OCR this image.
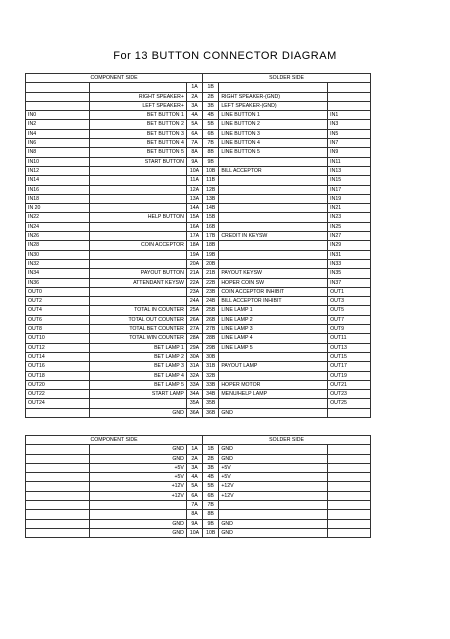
For 13 BUTTON CONNECTOR DIAGRAM
COMPONENT SIDE			SOLDER SIDE		
		1A	1B		
	RIGHT SPEAKER+	2A	2B	RIGHT SPEAKER-(GND)	
	LEFT SPEAKER+	3A	3B	LEFT SPEAKER-(GND)	
IN0	BET BUTTON 1	4A	4B	LINE BUTTON 1	IN1
IN2	BET BUTTON 2	5A	5B	LINE BUTTON 2	IN3
IN4	BET BUTTON 3	6A	6B	LINE BUTTON 3	IN5
IN6	BET BUTTON 4	7A	7B	LINE BUTTON 4	IN7
IN8	BET BUTTON 5	8A	8B	LINE BUTTON 5	IN9
IN10	START BUTTON	9A	9B		IN11
IN12		10A	10B	BILL ACCEPTOR	IN13
IN14		11A	11B		IN15
IN16		12A	12B		IN17
IN18		13A	13B		IN19
IN 20		14A	14B		IN21
IN22	HELP BUTTON	15A	15B		IN23
IN24		16A	16B		IN25
IN26		17A	17B	CREDIT IN KEYSW	IN27
IN28	COIN ACCEPTOR	18A	18B		IN29
IN30		19A	19B		IN31
IN32		20A	20B		IN33
IN34	PAYOUT BUTTON	21A	21B	PAYOUT KEYSW	IN35
IN36	ATTENDANT KEYSW	22A	22B	HOPER COIN SW	IN37
OUT0		23A	23B	COIN ACCEPTOR INHIBIT	OUT1
OUT2		24A	24B	BILL ACCEPTOR INHIBIT	OUT3
OUT4	TOTAL IN COUNTER	25A	25B	LINE LAMP 1	OUT5
OUT6	TOTAL OUT COUNTER	26A	26B	LINE LAMP 2	OUT7
OUT8	TOTAL BET COUNTER	27A	27B	LINE LAMP 3	OUT9
OUT10	TOTAL WIN COUNTER	28A	28B	LINE LAMP 4	OUT11
OUT12	BET LAMP 1	29A	29B	LINE LAMP 5	OUT13
OUT14	BET LAMP 2	30A	30B		OUT15
OUT16	BET LAMP 3	31A	31B	PAYOUT LAMP	OUT17
OUT18	BET LAMP 4	32A	32B		OUT19
OUT20	BET LAMP 5	33A	33B	HOPER MOTOR	OUT21
OUT22	START LAMP	34A	34B	MENU/HELP LAMP	OUT23
OUT24		35A	35B		OUT25
	GND	36A	36B	GND	
COMPONENT SIDE			SOLDER SIDE		
	GND	1A	1B	GND	
	GND	2A	2B	GND	
	+5V	3A	3B	+5V	
	+5V	4A	4B	+5V	
	+12V	5A	5B	+12V	
	+12V	6A	6B	+12V	
		7A	7B		
		8A	8B		
	GND	9A	9B	GND	
	GND	10A	10B	GND	
